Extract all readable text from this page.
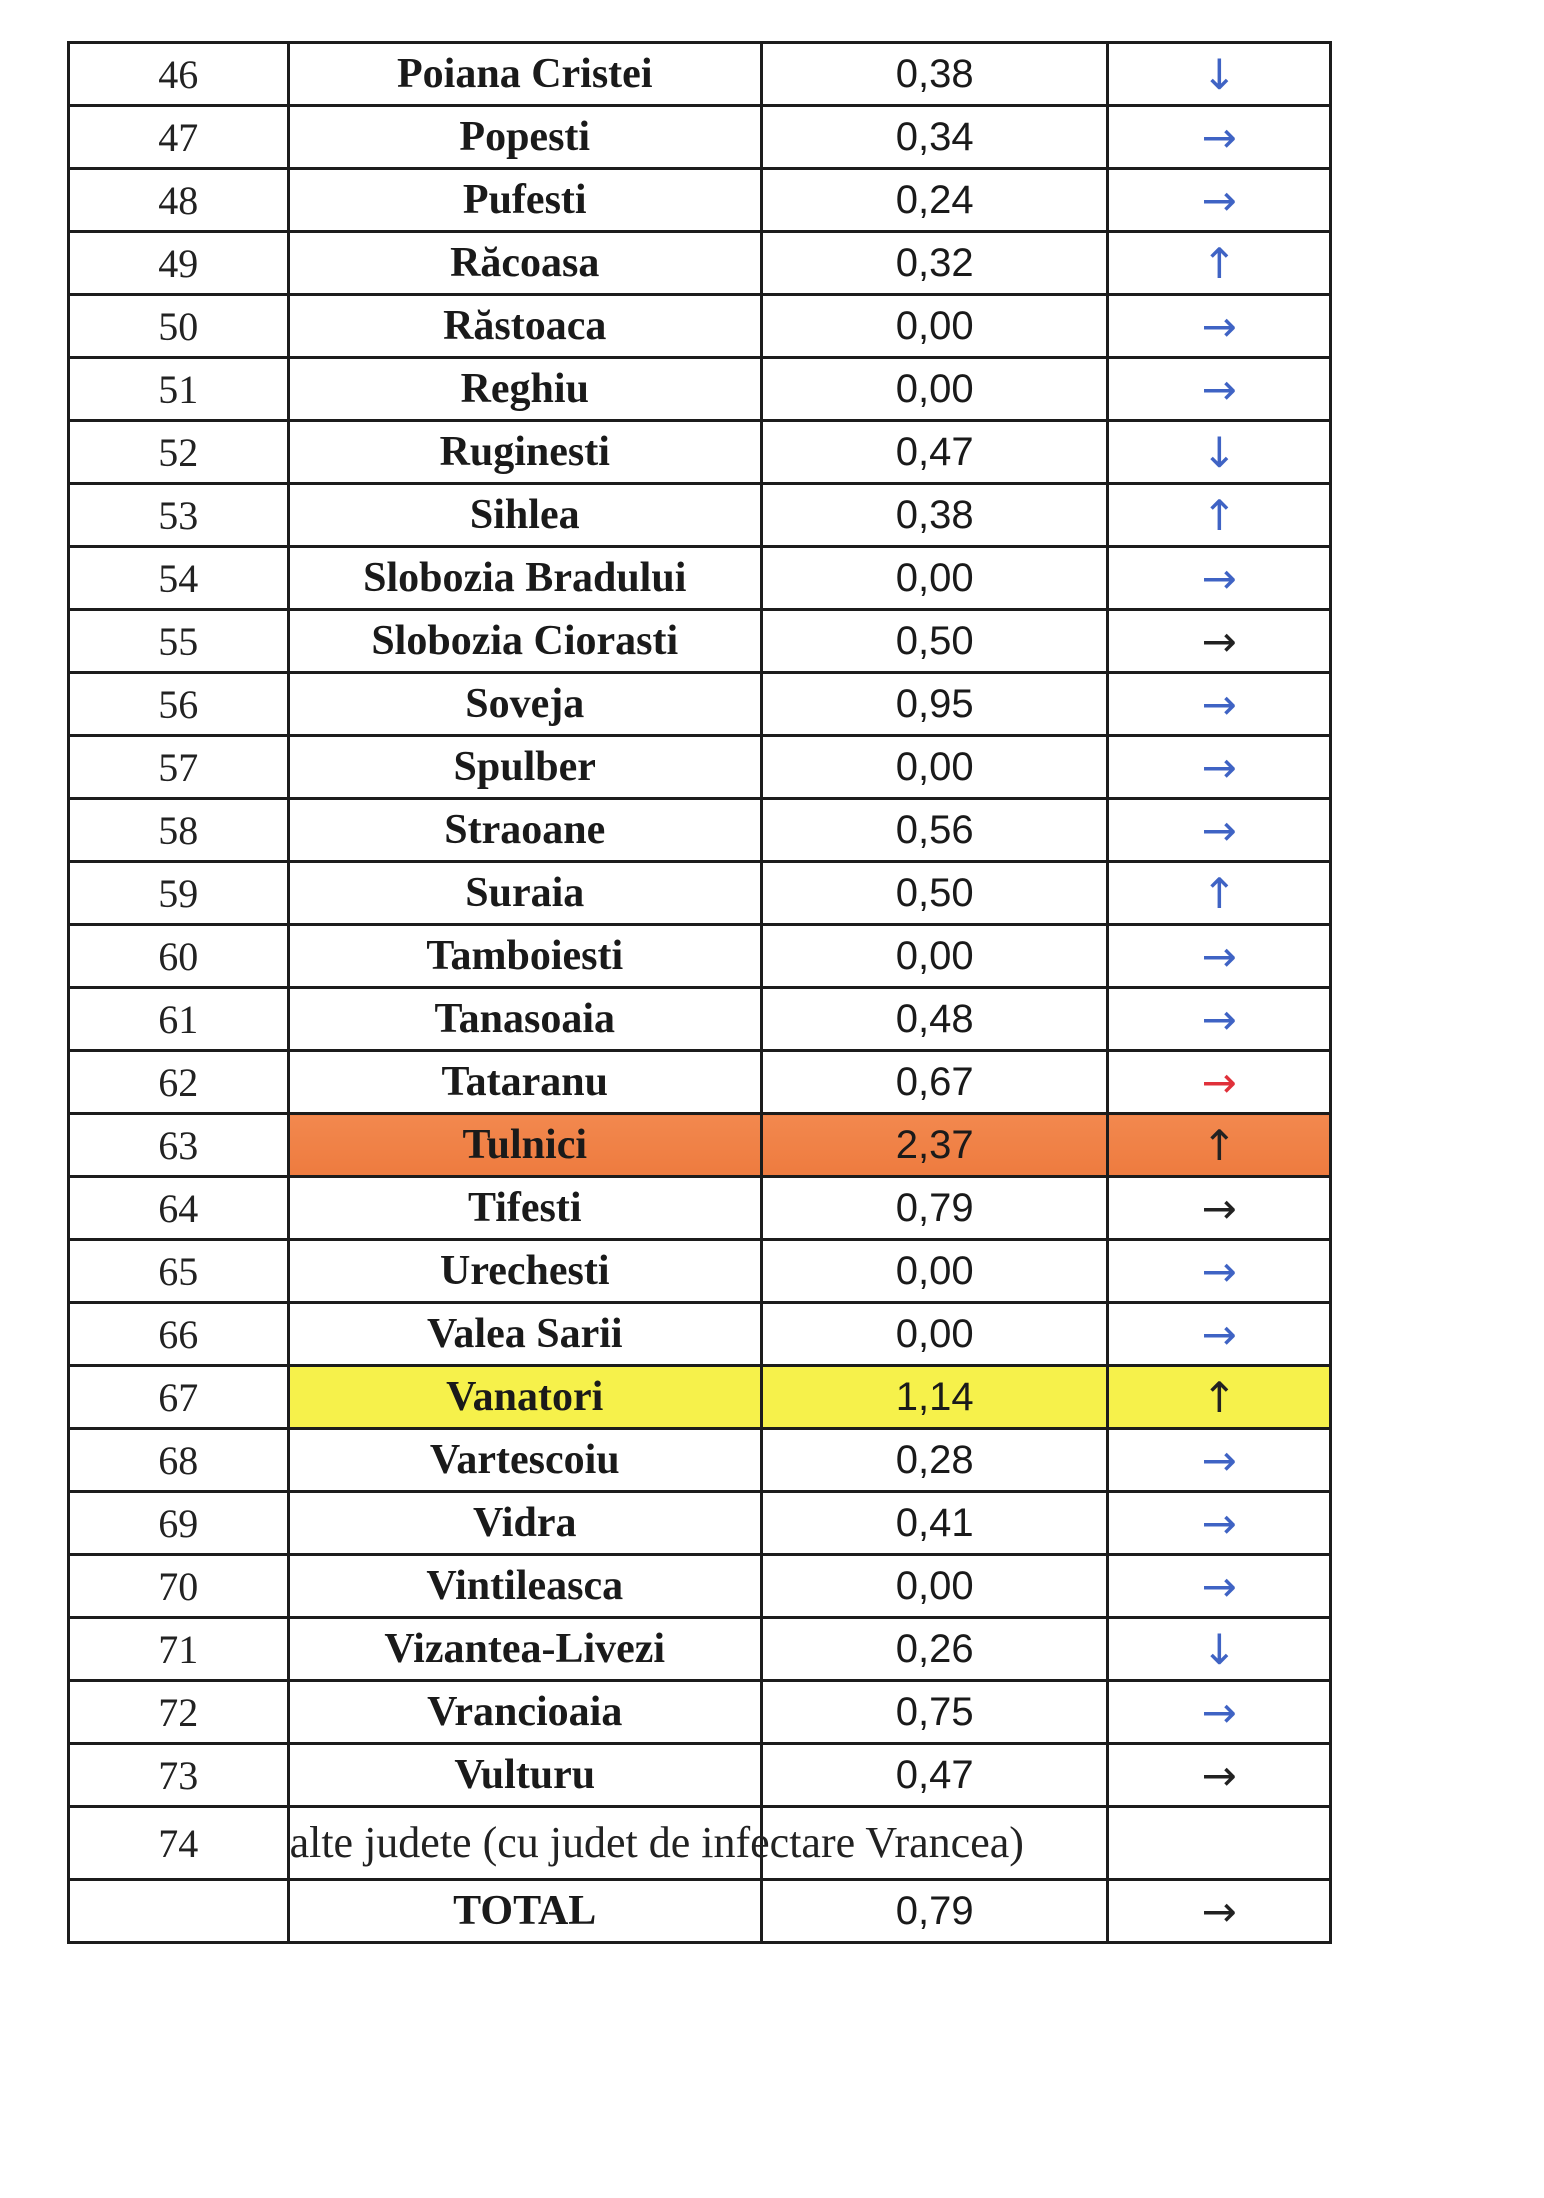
46	Poiana Cristei	0,38	↓
47	Popesti	0,34	→
48	Pufesti	0,24	→
49	Răcoasa	0,32	↑
50	Răstoaca	0,00	→
51	Reghiu	0,00	→
52	Ruginesti	0,47	↓
53	Sihlea	0,38	↑
54	Slobozia Bradului	0,00	→
55	Slobozia Ciorasti	0,50	→
56	Soveja	0,95	→
57	Spulber	0,00	→
58	Straoane	0,56	→
59	Suraia	0,50	↑
60	Tamboiesti	0,00	→
61	Tanasoaia	0,48	→
62	Tataranu	0,67	→
63	Tulnici	2,37	↑
64	Tifesti	0,79	→
65	Urechesti	0,00	→
66	Valea Sarii	0,00	→
67	Vanatori	1,14	↑
68	Vartescoiu	0,28	→
69	Vidra	0,41	→
70	Vintileasca	0,00	→
71	Vizantea-Livezi	0,26	↓
72	Vrancioaia	0,75	→
73	Vulturu	0,47	→
74	alte judete (cu judet de infectare Vrancea)		
	TOTAL	0,79	→
